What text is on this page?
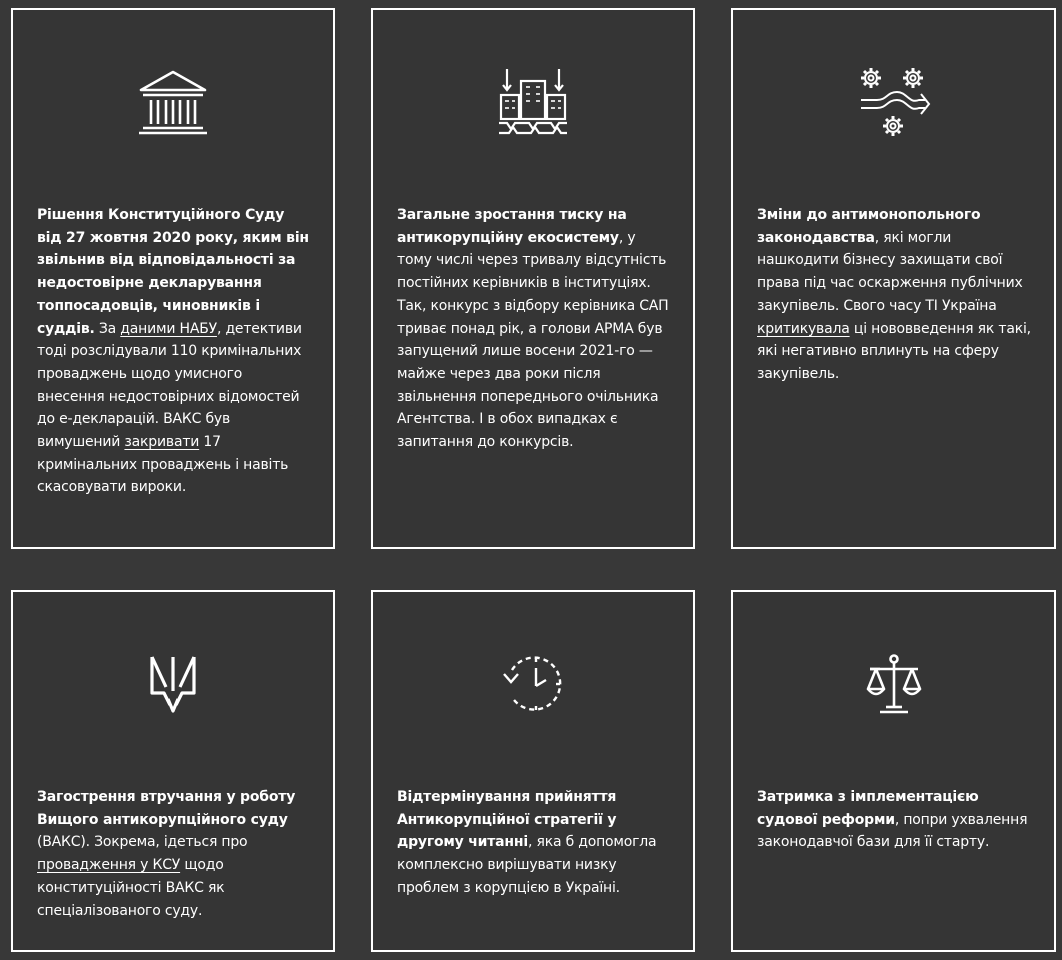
Рішення Конституційного Суду від 27 жовтня 2020 року, яким він звільнив від відповідальності за недостовірне декларування топпосадовців, чиновників і суддів. За даними НАБУ, детективи тоді розслідували 110 кримінальних проваджень щодо умисного внесення недостовірних відомостей до е-декларацій. ВАКС був вимушений закривати 17 кримінальних проваджень і навіть скасовувати вироки.
Загальне зростання тиску на антикорупційну екосистему, у тому числі через тривалу відсутність постійних керівників в інституціях. Так, конкурс з відбору керівника САП триває понад рік, а голови АРМА був запущений лише восени 2021-го — майже через два роки після звільнення попереднього очільника Агентства. І в обох випадках є запитання до конкурсів.
Зміни до антимонопольного законодавства, які могли нашкодити бізнесу захищати свої права під час оскарження публічних закупівель. Свого часу ТІ Україна критикувала ці нововведення як такі, які негативно вплинуть на сферу закупівель.
Загострення втручання у роботу Вищого антикорупційного суду (ВАКС). Зокрема, ідеться про провадження у КСУ щодо конституційності ВАКС як спеціалізованого суду.
Відтермінування прийняття Антикорупційної стратегії у другому читанні, яка б допомогла комплексно вирішувати низку проблем з корупцією в Україні.
Затримка з імплементацією судової реформи, попри ухвалення законодавчої бази для її старту.
